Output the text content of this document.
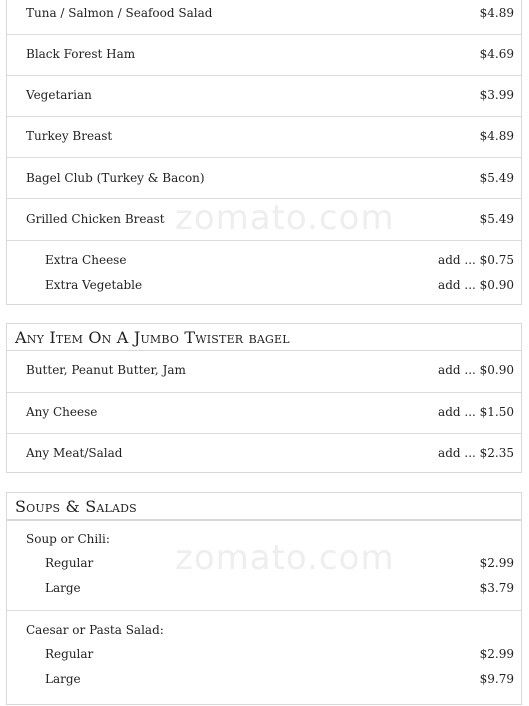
Tuna / Salmon / Seafood Salad	$4.89
Black Forest Ham	$4.69
Vegetarian	$3.99
Turkey Breast	$4.89
Bagel Club (Turkey & Bacon)	$5.49
Grilled Chicken Breast	$5.49
Extra Cheese	add ... $0.75
Extra Vegetable	add ... $0.90
Any Item On A Jumbo Twister bagel
Butter, Peanut Butter, Jam	add ... $0.90
Any Cheese	add ... $1.50
Any Meat/Salad	add ... $2.35
Soups & Salads
Soup or Chili:
Regular	$2.99
Large	$3.79
Caesar or Pasta Salad:
Regular	$2.99
Large	$9.79
